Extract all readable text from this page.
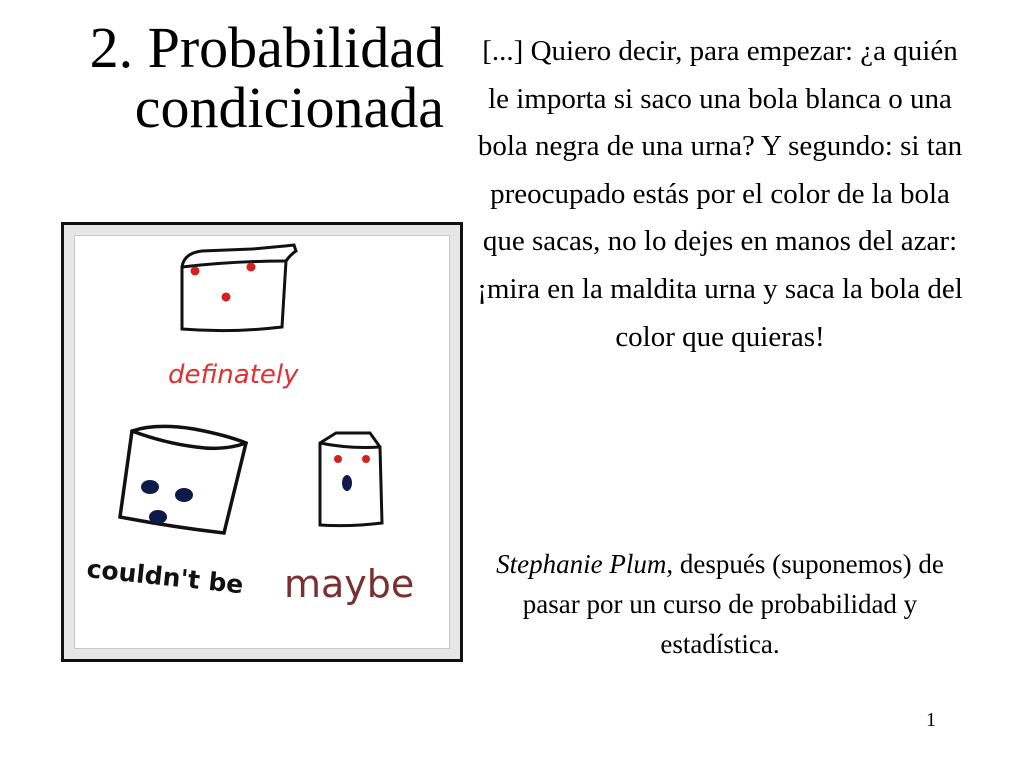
2. Probabilidad
condicionada
definately
couldn't be maybe
[...] Quiero decir, para empezar: ¿a quién le importa si saco una bola blanca o una bola negra de una urna? Y segundo: si tan preocupado estás por el color de la bola que sacas, no lo dejes en manos del azar: ¡mira en la maldita urna y saca la bola del color que quieras!
Stephanie Plum, después (suponemos) de pasar por un curso de probabilidad y estadística.
1
